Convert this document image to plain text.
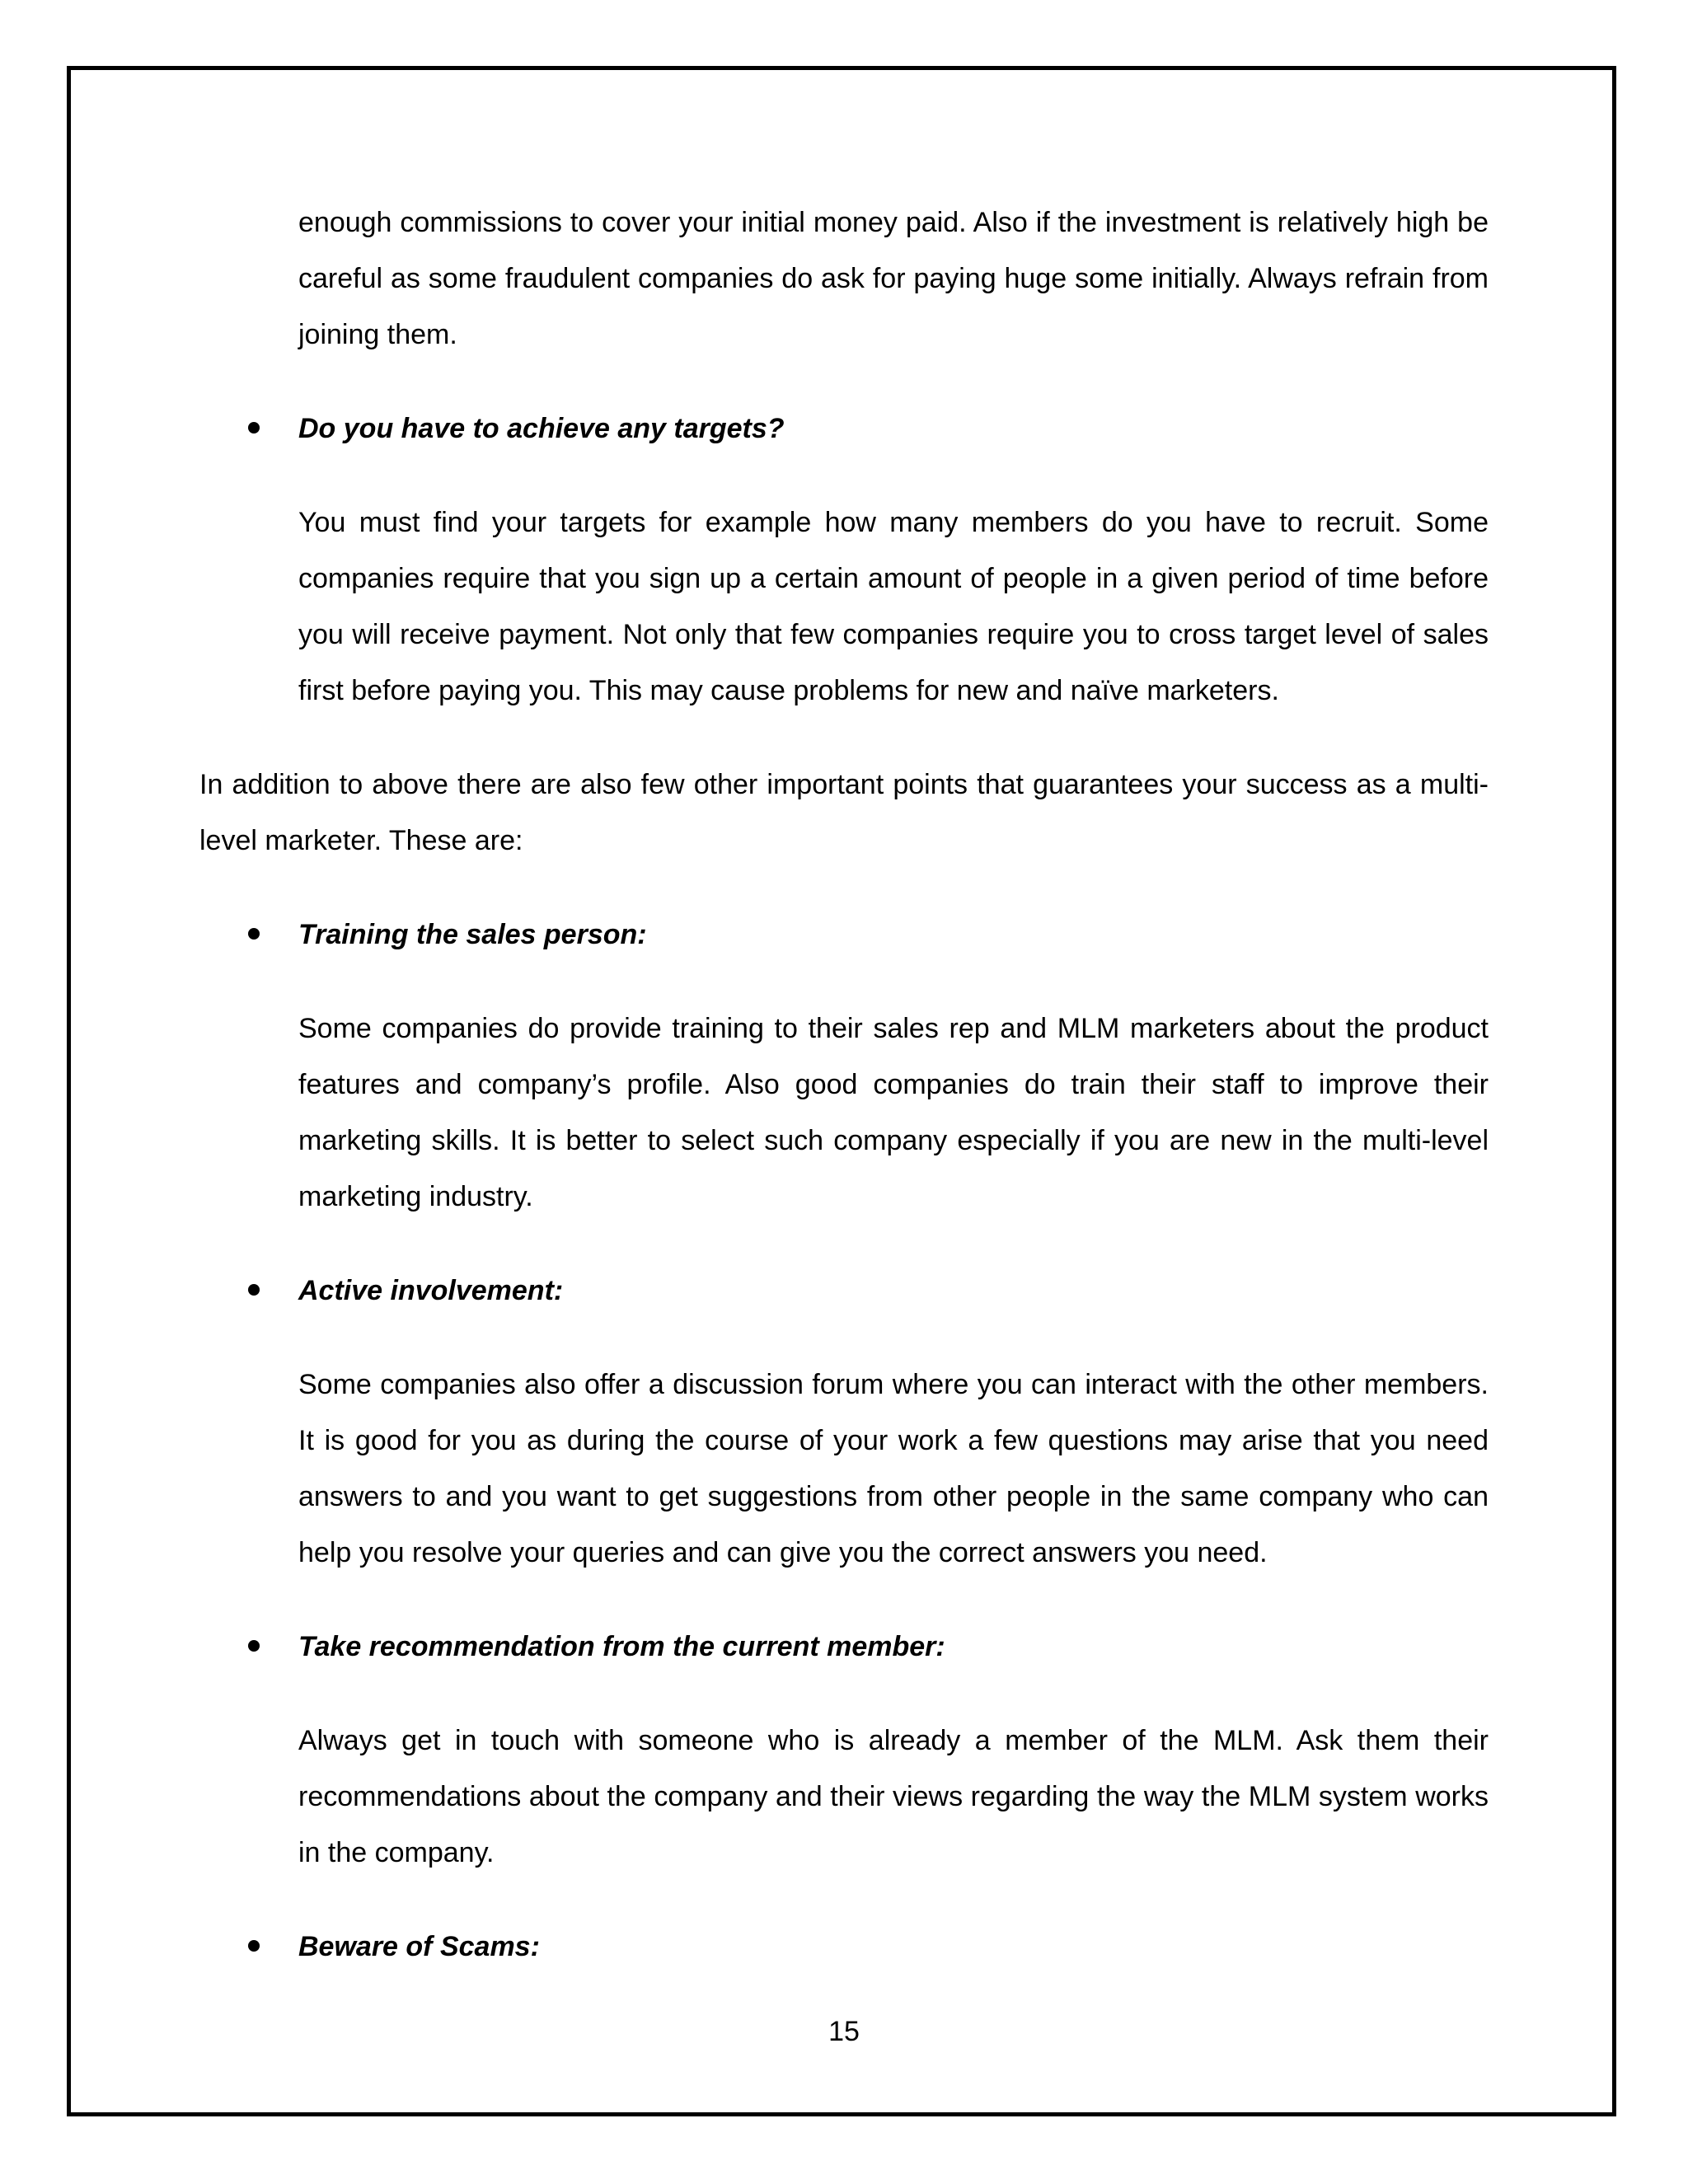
enough commissions to cover your initial money paid. Also if the investment is relatively high be careful as some fraudulent companies do ask for paying huge some initially. Always refrain from joining them.

Do you have to achieve any targets?

You must find your targets for example how many members do you have to recruit. Some companies require that you sign up a certain amount of people in a given period of time before you will receive payment. Not only that few companies require you to cross target level of sales first before paying you. This may cause problems for new and naïve marketers.

In addition to above there are also few other important points that guarantees your success as a multi-level marketer. These are:

Training the sales person:

Some companies do provide training to their sales rep and MLM marketers about the product features and company’s profile. Also good companies do train their staff to improve their marketing skills. It is better to select such company especially if you are new in the multi-level marketing industry.

Active involvement:

Some companies also offer a discussion forum where you can interact with the other members. It is good for you as during the course of your work a few questions may arise that you need answers to and you want to get suggestions from other people in the same company who can help you resolve your queries and can give you the correct answers you need.

Take recommendation from the current member:

Always get in touch with someone who is already a member of the MLM. Ask them their recommendations about the company and their views regarding the way the MLM system works in the company.

Beware of Scams:
15
